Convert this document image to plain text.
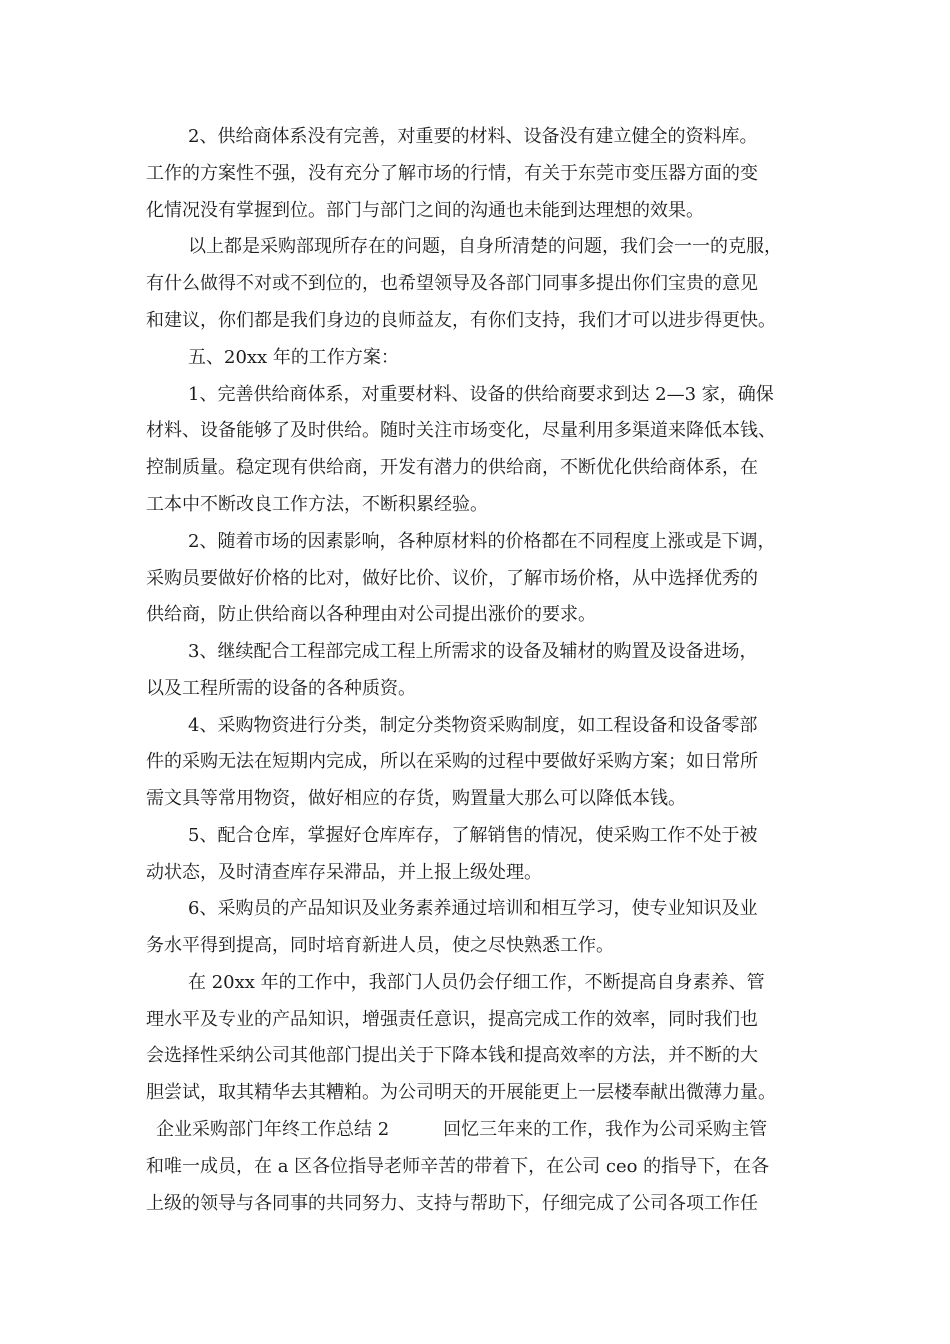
2、供给商体系没有完善，对重要的材料、设备没有建立健全的资料库。
工作的方案性不强，没有充分了解市场的行情，有关于东莞市变压器方面的变
化情况没有掌握到位。部门与部门之间的沟通也未能到达理想的效果。
以上都是采购部现所存在的问题，自身所清楚的问题，我们会一一的克服，
有什么做得不对或不到位的，也希望领导及各部门同事多提出你们宝贵的意见
和建议，你们都是我们身边的良师益友，有你们支持，我们才可以进步得更快。
五、20xx 年的工作方案：
1、完善供给商体系，对重要材料、设备的供给商要求到达 2—3 家，确保
材料、设备能够了及时供给。随时关注市场变化，尽量利用多渠道来降低本钱、
控制质量。稳定现有供给商，开发有潜力的供给商，不断优化供给商体系，在
工本中不断改良工作方法，不断积累经验。
2、随着市场的因素影响，各种原材料的价格都在不同程度上涨或是下调，
采购员要做好价格的比对，做好比价、议价，了解市场价格，从中选择优秀的
供给商，防止供给商以各种理由对公司提出涨价的要求。
3、继续配合工程部完成工程上所需求的设备及辅材的购置及设备进场，
以及工程所需的设备的各种质资。
4、采购物资进行分类，制定分类物资采购制度，如工程设备和设备零部
件的采购无法在短期内完成，所以在采购的过程中要做好采购方案；如日常所
需文具等常用物资，做好相应的存货，购置量大那么可以降低本钱。
5、配合仓库，掌握好仓库库存，了解销售的情况，使采购工作不处于被
动状态，及时清查库存呆滞品，并上报上级处理。
6、采购员的产品知识及业务素养通过培训和相互学习，使专业知识及业
务水平得到提高，同时培育新进人员，使之尽快熟悉工作。
在 20xx 年的工作中，我部门人员仍会仔细工作，不断提高自身素养、管
理水平及专业的产品知识，增强责任意识，提高完成工作的效率，同时我们也
会选择性采纳公司其他部门提出关于下降本钱和提高效率的方法，并不断的大
胆尝试，取其精华去其糟粕。为公司明天的开展能更上一层楼奉献出微薄力量。
企业采购部门年终工作总结 2　　　回忆三年来的工作，我作为公司采购主管
和唯一成员，在 a 区各位指导老师辛苦的带着下，在公司 ceo 的指导下，在各
上级的领导与各同事的共同努力、支持与帮助下，仔细完成了公司各项工作任
